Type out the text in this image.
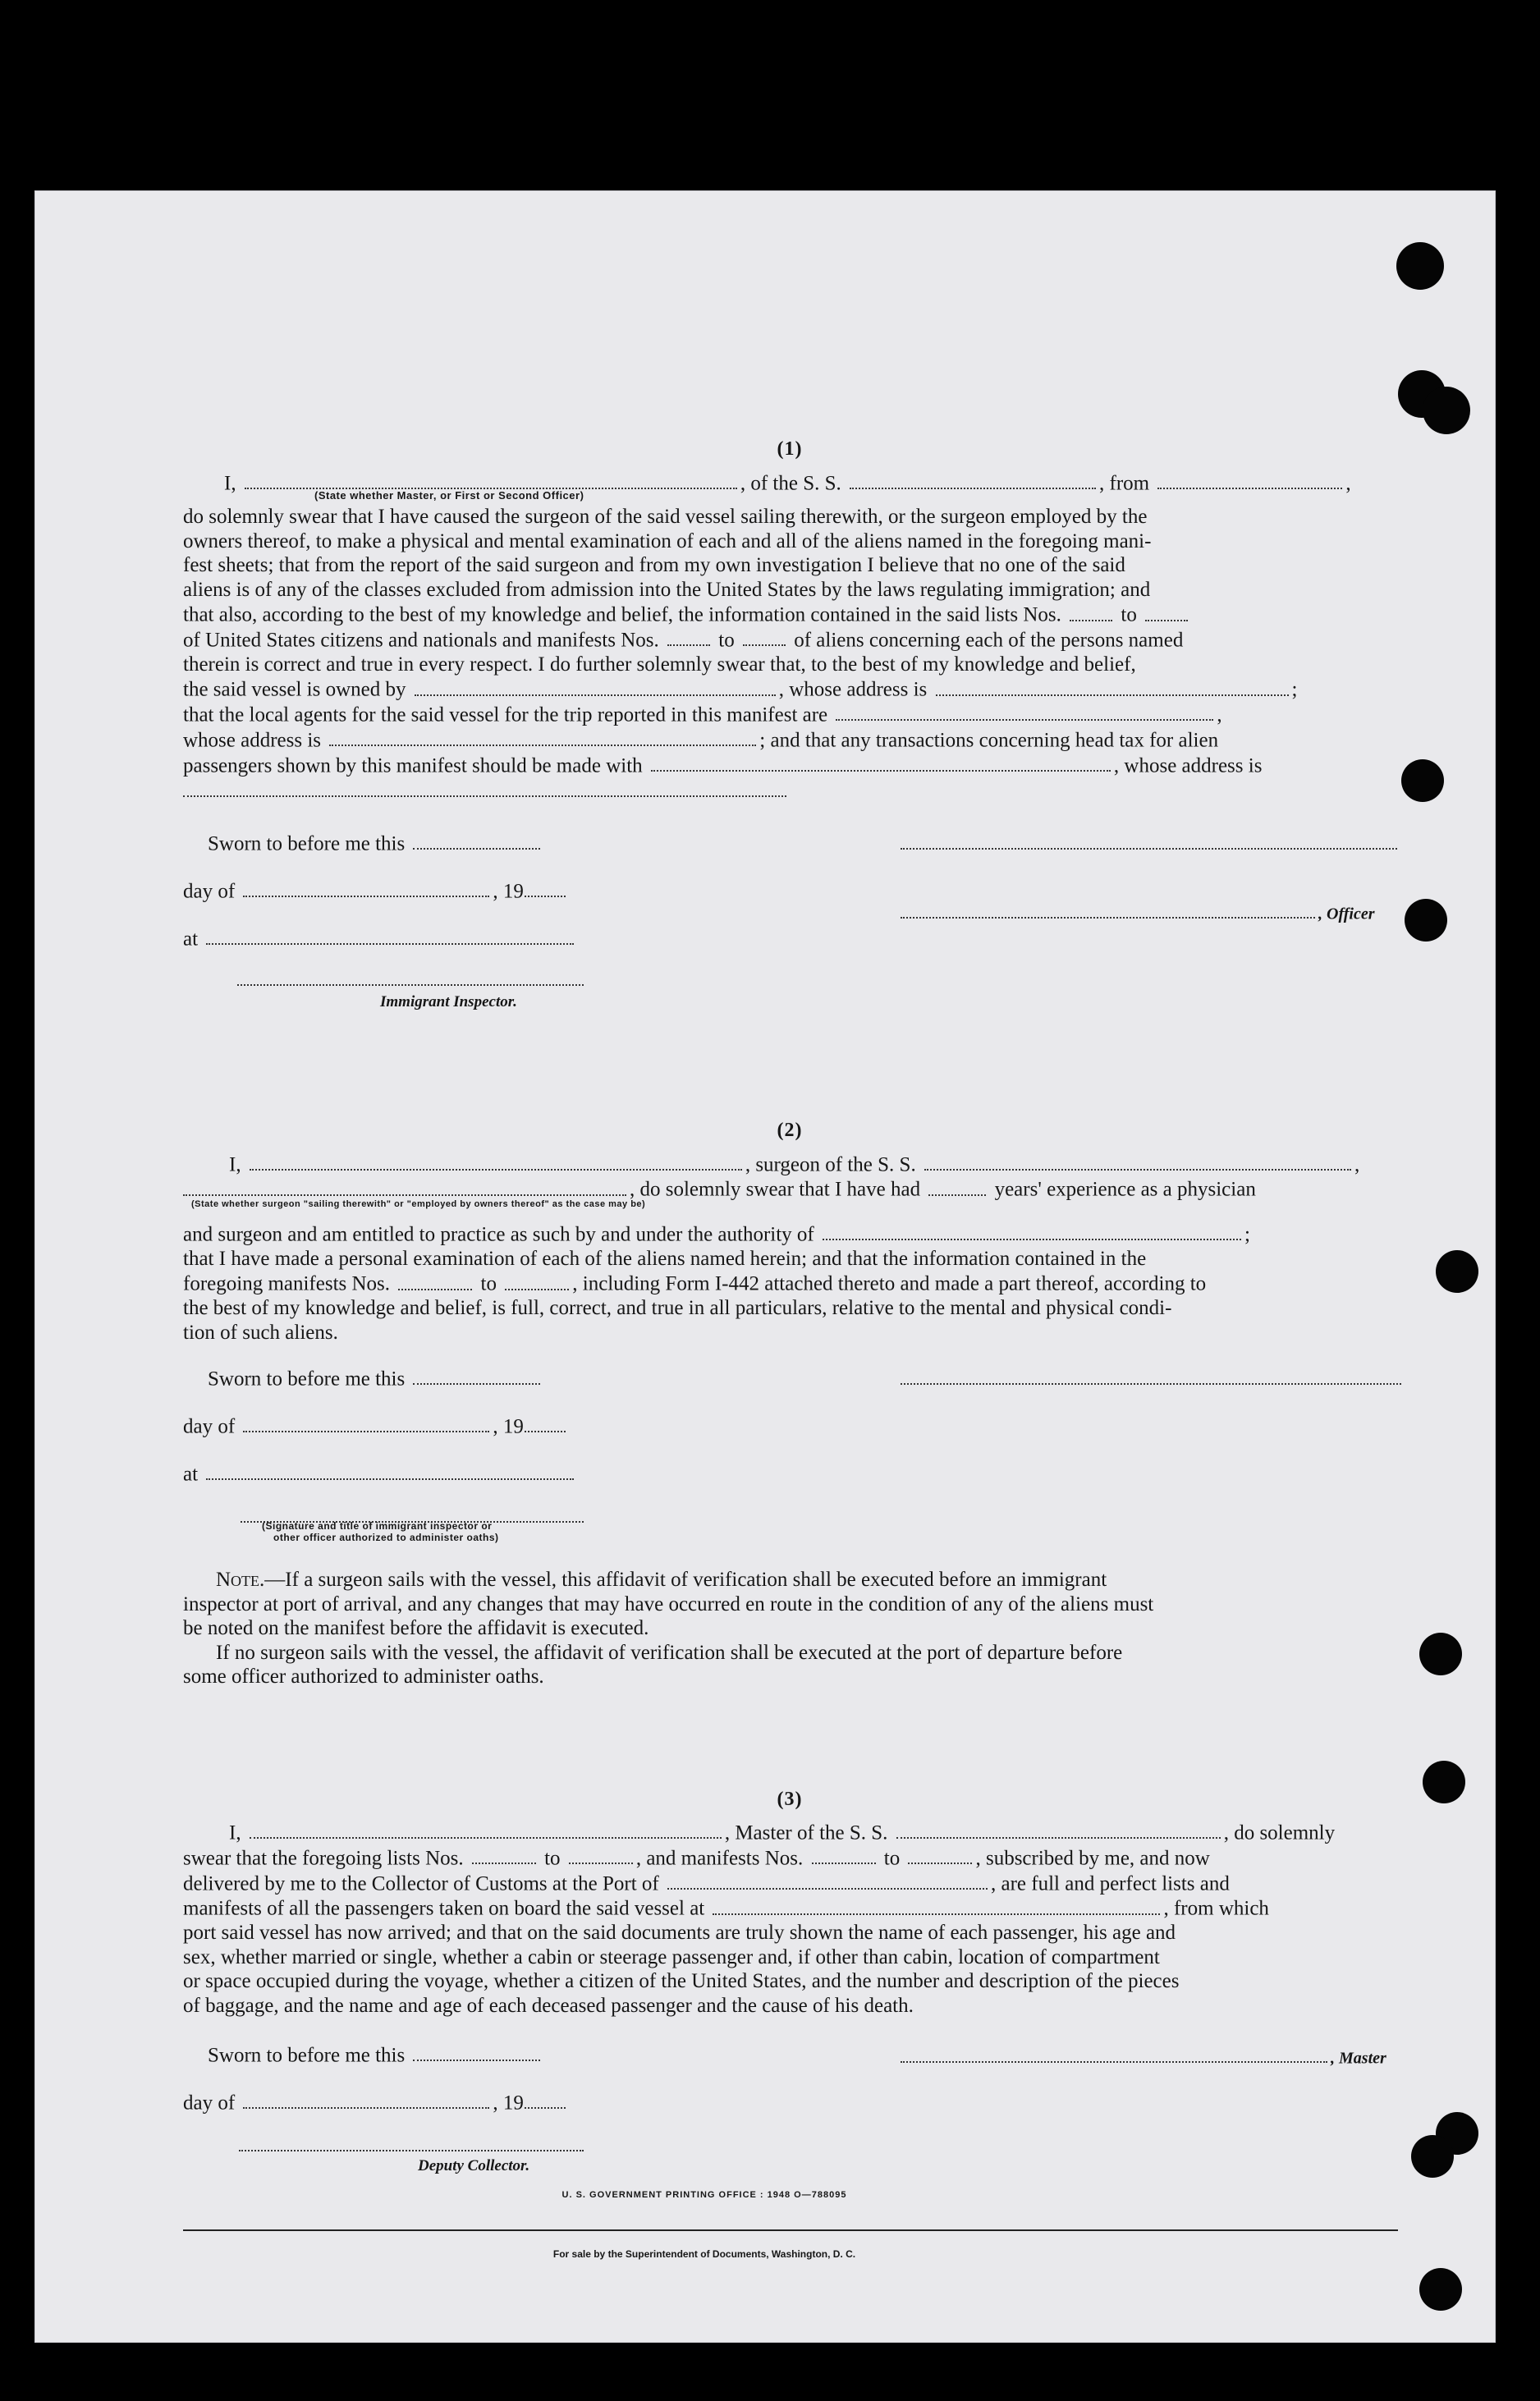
(1)
I,	, of the S. S.	, from	,
(State whether Master, or First or Second Officer)
do solemnly swear that I have caused the surgeon of the said vessel sailing therewith, or the surgeon employed by the
owners thereof, to make a physical and mental examination of each and all of the aliens named in the foregoing mani-
fest sheets; that from the report of the said surgeon and from my own investigation I believe that no one of the said
aliens is of any of the classes excluded from admission into the United States by the laws regulating immigration; and
that also, according to the best of my knowledge and belief, the information contained in the said lists Nos.	to
of United States citizens and nationals and manifests Nos.	to	of aliens concerning each of the persons named
therein is correct and true in every respect. I do further solemnly swear that, to the best of my knowledge and belief,
the said vessel is owned by	, whose address is	;
that the local agents for the said vessel for the trip reported in this manifest are	,
whose address is	; and that any transactions concerning head tax for alien
passengers shown by this manifest should be made with	, whose address is
Sworn to before me this
day of	, 19
, Officer
at
Immigrant Inspector.
(2)
I,	, surgeon of the S. S.	,
, do solemnly swear that I have had	years' experience as a physician
(State whether surgeon "sailing therewith" or "employed by owners thereof" as the case may be)
and surgeon and am entitled to practice as such by and under the authority of	;
that I have made a personal examination of each of the aliens named herein; and that the information contained in the
foregoing manifests Nos.	to	, including Form I-442 attached thereto and made a part thereof, according to
the best of my knowledge and belief, is full, correct, and true in all particulars, relative to the mental and physical condi-
tion of such aliens.
Sworn to before me this
day of	, 19
at
(Signature and title of immigrant inspector or
other officer authorized to administer oaths)
Note.—If a surgeon sails with the vessel, this affidavit of verification shall be executed before an immigrant
inspector at port of arrival, and any changes that may have occurred en route in the condition of any of the aliens must
be noted on the manifest before the affidavit is executed.
If no surgeon sails with the vessel, the affidavit of verification shall be executed at the port of departure before
some officer authorized to administer oaths.
(3)
I,	, Master of the S. S.	, do solemnly
swear that the foregoing lists Nos.	to	, and manifests Nos.	to	, subscribed by me, and now
delivered by me to the Collector of Customs at the Port of	, are full and perfect lists and
manifests of all the passengers taken on board the said vessel at	, from which
port said vessel has now arrived; and that on the said documents are truly shown the name of each passenger, his age and
sex, whether married or single, whether a cabin or steerage passenger and, if other than cabin, location of compartment
or space occupied during the voyage, whether a citizen of the United States, and the number and description of the pieces
of baggage, and the name and age of each deceased passenger and the cause of his death.
Sworn to before me this	, Master
day of	, 19
Deputy Collector.
U. S. GOVERNMENT PRINTING OFFICE : 1948 O—788095
For sale by the Superintendent of Documents, Washington, D. C.
